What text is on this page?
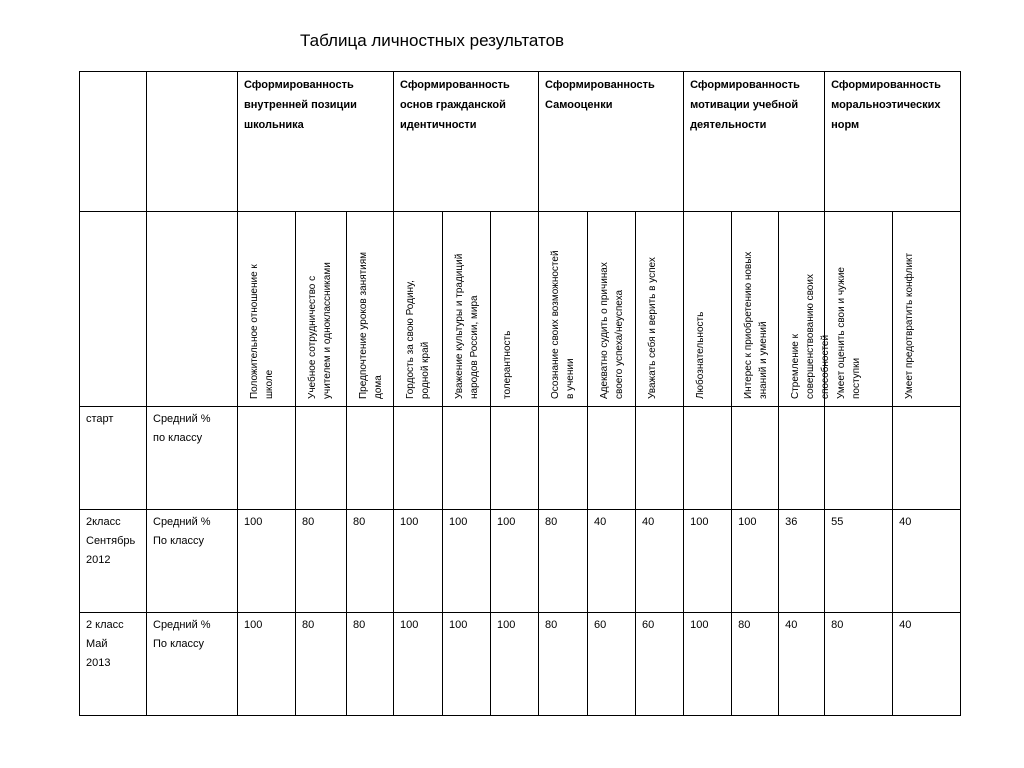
Таблица личностных результатов
		Сформированность внутренней позиции школьника			Сформированность основ гражданской идентичности			Сформированность Самооценки			Сформированность мотивации учебной деятельности			Сформированность моральноэтических норм	

		Положительное отношение к
школе	Учебное сотрудничество с
учителем и одноклассниками	Предпочтение уроков занятиям
дома	Гордость за свою Родину,
родной край	Уважение культуры и традиций
народов России, мира	толерантность	Осознание своих возможностей
в учении	Адекватно судить о причинах
своего успеха/неуспеха	Уважать себя и верить в успех	Любознательность	Интерес к приобретению новых
знаний и умений	Стремление к
совершенствованию своих
способностей	Умеет оценить свои и чужие
поступки	Умеет предотвратить конфликт

старт	Средний %
по классу														
2класс
Сентябрь
2012	Средний %
По классу	100	80	80	100	100	100	80	40	40	100	100	36	55	40
2 класс
Май
2013	Средний %
По классу	100	80	80	100	100	100	80	60	60	100	80	40	80	40
